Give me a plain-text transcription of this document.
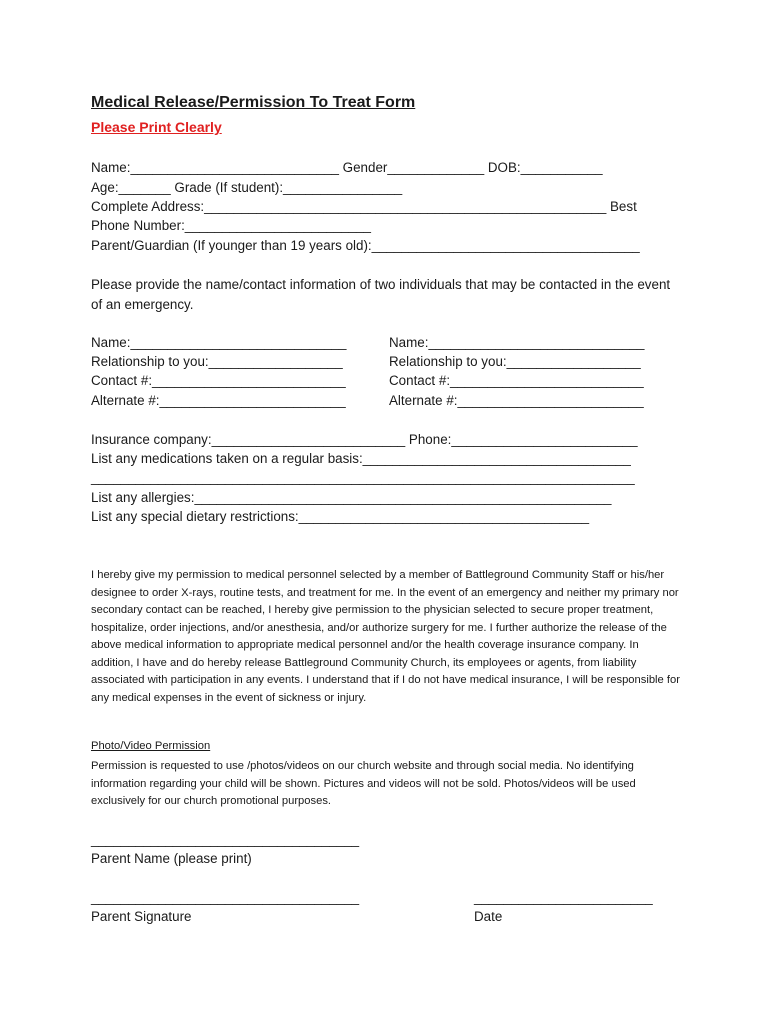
Medical Release/Permission To Treat Form
Please Print Clearly
Name:____________________________ Gender_____________ DOB:___________
Age:_______ Grade (If student):________________
Complete Address:______________________________________________________ Best
Phone Number:_________________________
Parent/Guardian (If younger than 19 years old):____________________________________
Please provide the name/contact information of two individuals that may be contacted in the event of an emergency.
Name:_____________________________
Relationship to you:__________________
Contact #:__________________________
Alternate #:_________________________
Name:_____________________________
Relationship to you:__________________
Contact #:__________________________
Alternate #:_________________________
Insurance company:__________________________ Phone:_________________________
List any medications taken on a regular basis:____________________________________
_________________________________________________________________________
List any allergies:________________________________________________________
List any special dietary restrictions:_______________________________________
I hereby give my permission to medical personnel selected by a member of Battleground Community Staff or his/her designee to order X-rays, routine tests, and treatment for me. In the event of an emergency and neither my primary nor secondary contact can be reached, I hereby give permission to the physician selected to secure proper treatment, hospitalize, order injections, and/or anesthesia, and/or authorize surgery for me. I further authorize the release of the above medical information to appropriate medical personnel and/or the health coverage insurance company. In addition, I have and do hereby release Battleground Community Church, its employees or agents, from liability associated with participation in any events. I understand that if I do not have medical insurance, I will be responsible for any medical expenses in the event of sickness or injury.
Photo/Video Permission
Permission is requested to use /photos/videos on our church website and through social media. No identifying information regarding your child will be shown. Pictures and videos will not be sold. Photos/videos will be used exclusively for our church promotional purposes.
____________________________________
Parent Name (please print)
____________________________________
Parent Signature
________________________
Date
